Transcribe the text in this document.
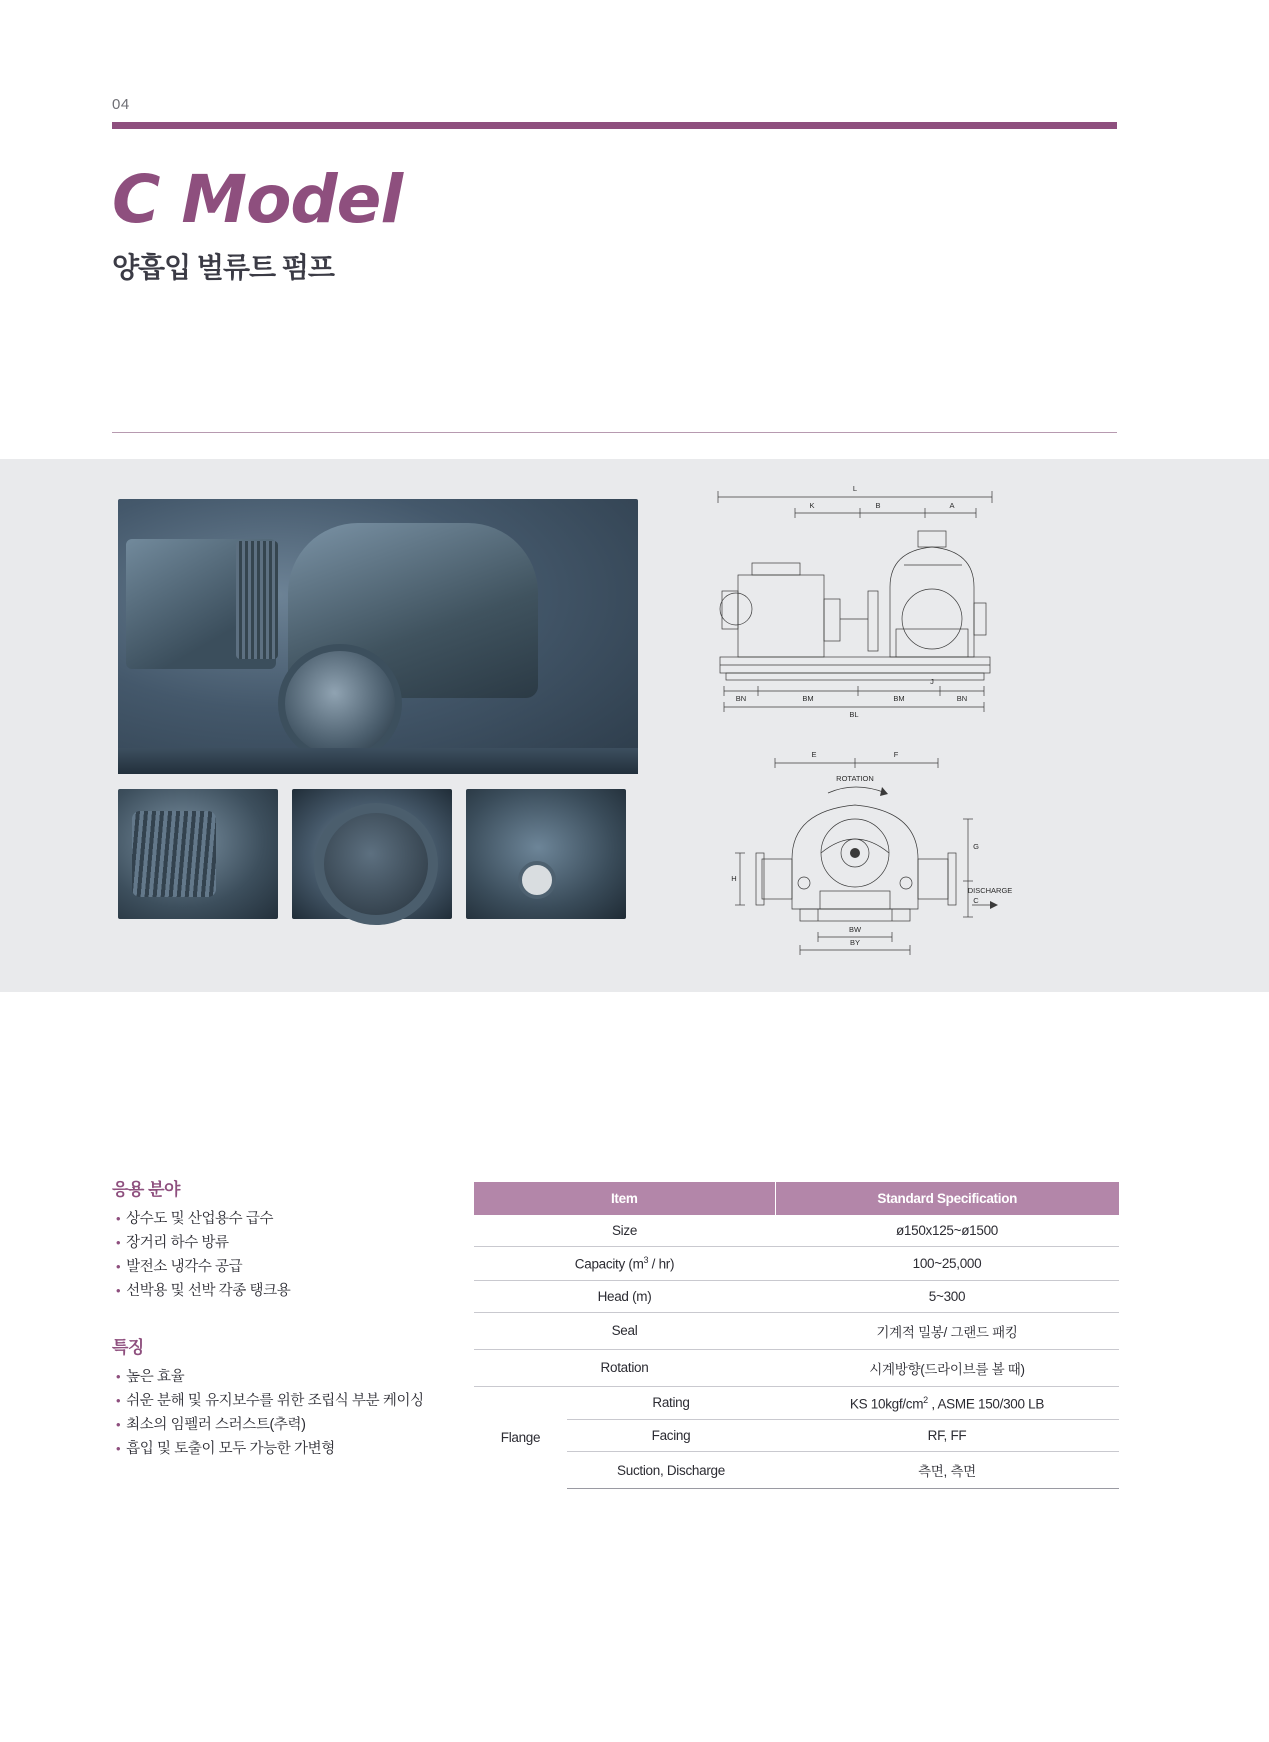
04
C Model
양흡입 벌류트 펌프
L
K	B	A
BN	BM	BM	BN
J
BL
E	F
ROTATION
G
H
C
DISCHARGE
BW
BY
응용 분야
• 상수도 및 산업용수 급수
• 장거리 하수 방류
• 발전소 냉각수 공급
• 선박용 및 선박 각종 탱크용
특징
• 높은 효율
• 쉬운 분해 및 유지보수를 위한 조립식 부분 케이싱
• 최소의 임펠러 스러스트(추력)
• 흡입 및 토출이 모두 가능한 가변형
Item		Standard Specification
Size		ø150x125~ø1500
Capacity $(m^3 / hr)$		100~25,000
Head (m)		5~300
Seal		기계적 밀봉/ 그랜드 패킹
Rotation		시계방향(드라이브를 볼 때)
Flange	Rating	KS $10kgf/cm^2$ , ASME 150/300 LB
	Facing	RF, FF
	Suction, Discharge	측면, 측면
